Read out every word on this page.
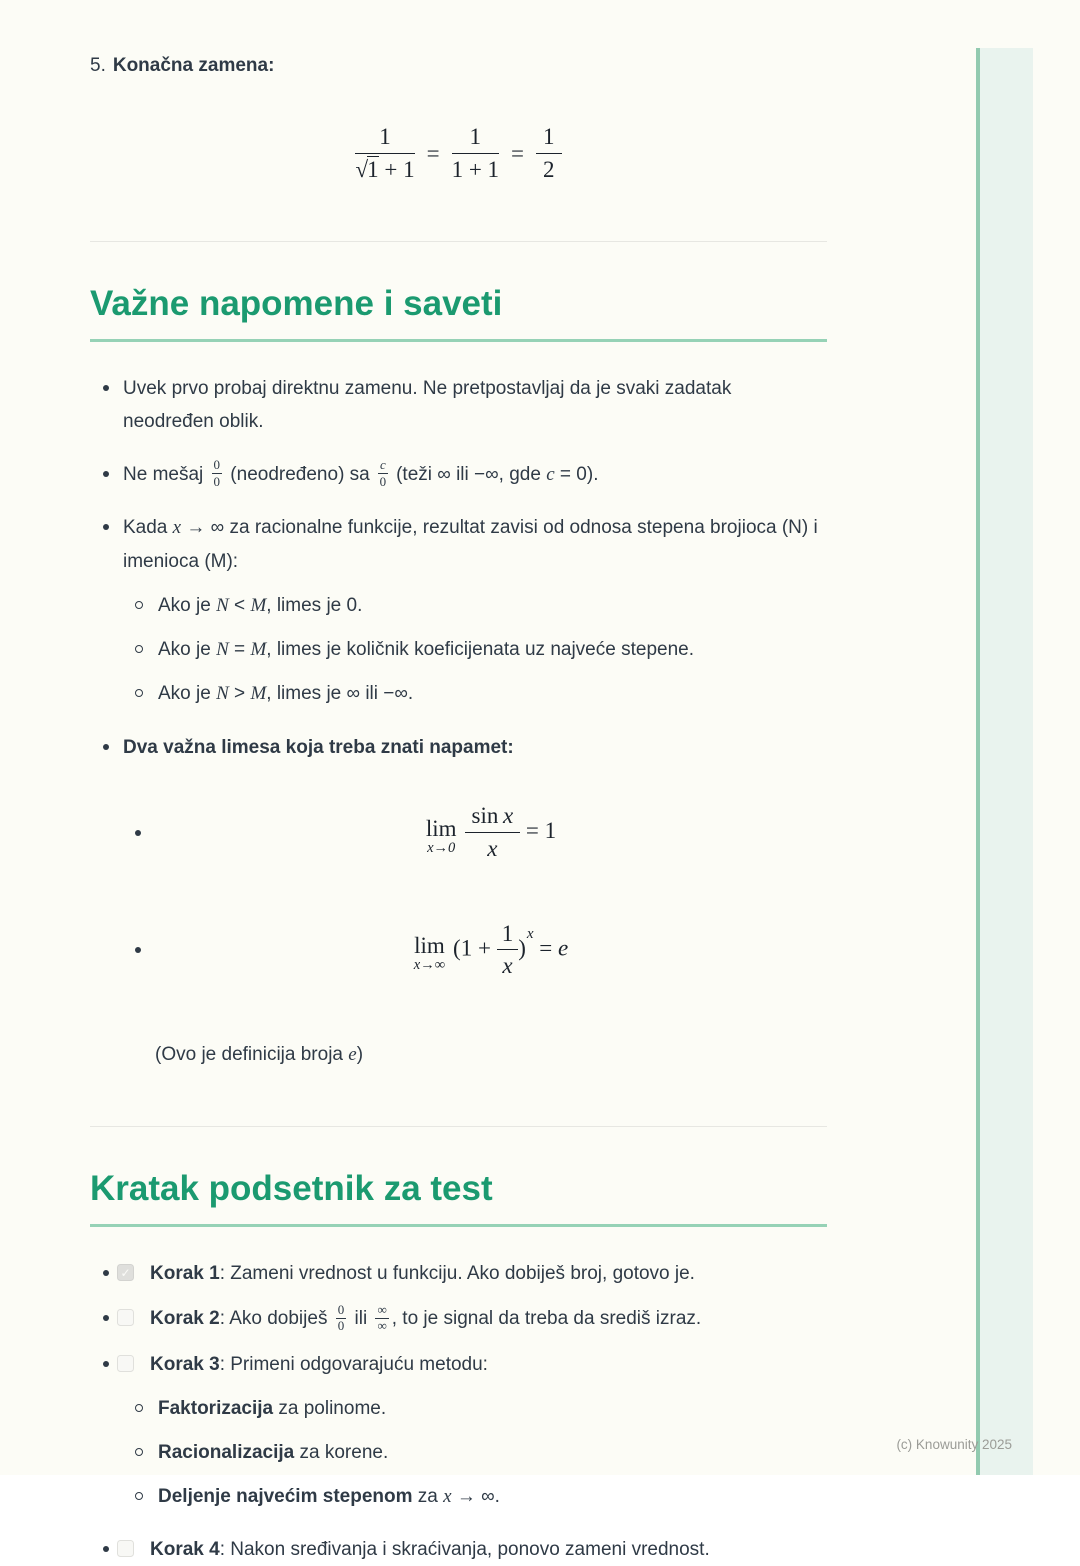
5. Konačna zamena:
$\frac{1}{√1 + 1} = \frac{1}{1 + 1} = \frac{1}{2}$
Važne napomene i saveti
Uvek prvo probaj direktnu zamenu. Ne pretpostavljaj da je svaki zadatak neodređen oblik.
Ne mešaj $\frac{0}{0}$ (neodređeno) sa $\frac{c}{0}$ (teži ∞ ili −∞, gde c = 0).
Kada x → ∞ za racionalne funkcije, rezultat zavisi od odnosa stepena brojioca (N) i imenioca (M):
Ako je N < M, limes je 0.
Ako je N = M, limes je količnik koeficijenata uz najveće stepene.
Ako je N > M, limes je ∞ ili −∞.
Dva važna limesa koja treba znati napamet:
lim
$x\to 0 \frac{\text{sin  x}}{x} = 1$
lim
x→∞
$(1 + \frac{1}{x} )^x = e$
(Ovo je definicija broja e)
Kratak podsetnik za test
✓ Korak 1: Zameni vrednost u funkciju. Ako dobiješ broj, gotovo je.
Korak 2: Ako dobiješ $\frac{0}{0}$ ili ∞
∞ , to je signal da treba da središ izraz.
Korak 3: Primeni odgovarajuću metodu:
Faktorizacija za polinome.
Racionalizacija za korene.
Deljenje najvećim stepenom za x → ∞.
Korak 4: Nakon sređivanja i skraćivanja, ponovo zameni vrednost.
(c) Knowunity 2025
